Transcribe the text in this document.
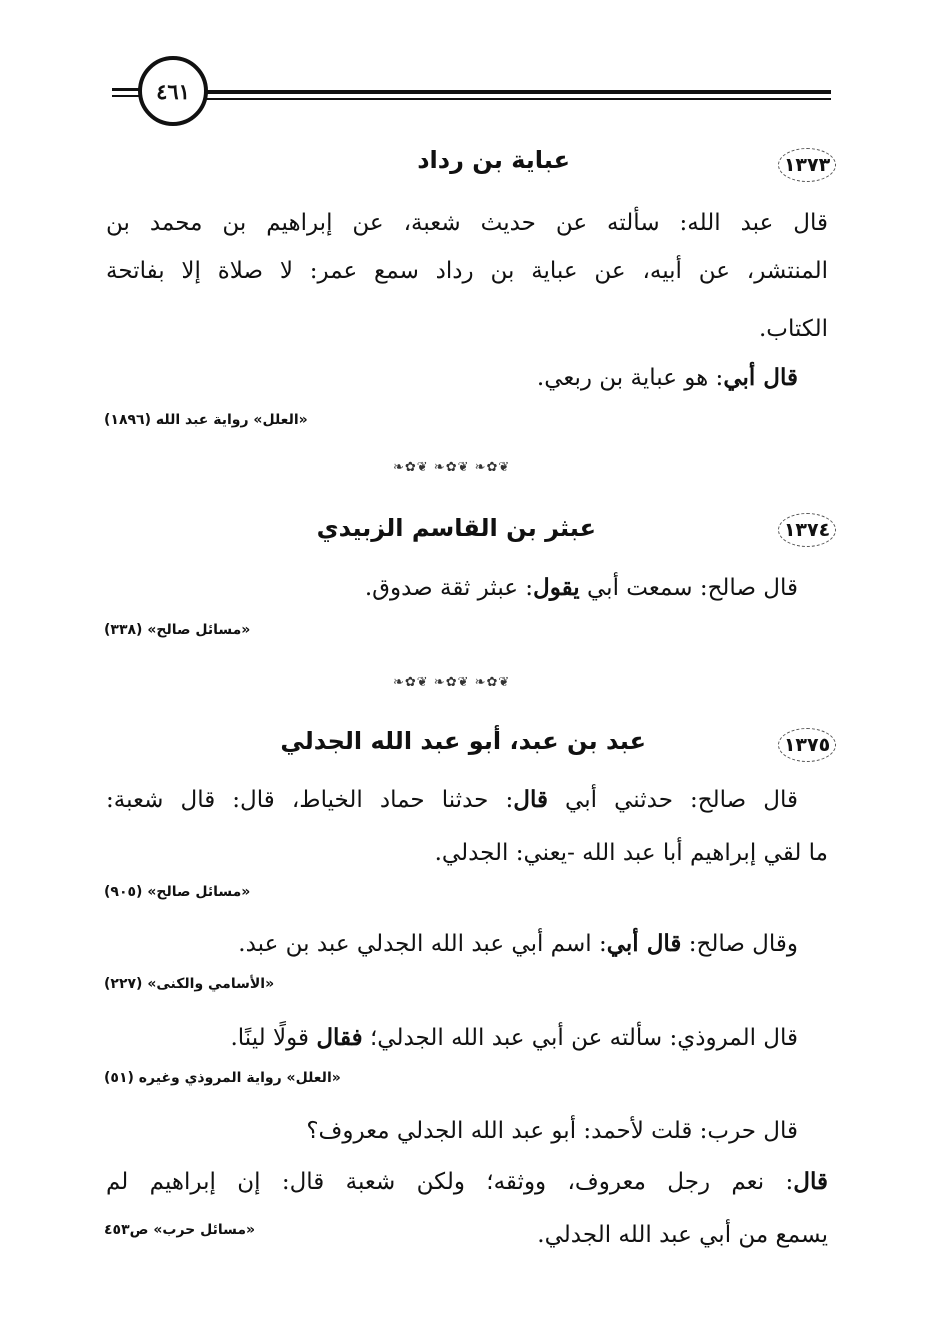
٤٦١
١٣٧٣
عباية بن رداد
قال عبد الله: سألته عن حديث شعبة، عن إبراهيم بن محمد بن
المنتشر، عن أبيه، عن عباية بن رداد سمع عمر: لا صلاة إلا بفاتحة
الكتاب.
قال أبي: هو عباية بن ربعي.
«العلل» رواية عبد الله (١٨٩٦)
❧✿❦ ❧✿❦ ❧✿❦
١٣٧٤
عبثر بن القاسم الزبيدي
قال صالح: سمعت أبي يقول: عبثر ثقة صدوق.
«مسائل صالح» (٣٣٨)
❧✿❦ ❧✿❦ ❧✿❦
١٣٧٥
عبد بن عبد، أبو عبد الله الجدلي
قال صالح: حدثني أبي قال: حدثنا حماد الخياط، قال: قال شعبة:
ما لقي إبراهيم أبا عبد الله -يعني: الجدلي.
«مسائل صالح» (٩٠٥)
وقال صالح: قال أبي: اسم أبي عبد الله الجدلي عبد بن عبد.
«الأسامي والكنى» (٢٢٧)
قال المروذي: سألته عن أبي عبد الله الجدلي؛ فقال قولًا لينًا.
«العلل» رواية المروذي وغيره (٥١)
قال حرب: قلت لأحمد: أبو عبد الله الجدلي معروف؟
قال: نعم رجل معروف، ووثقه؛ ولكن شعبة قال: إن إبراهيم لم
يسمع من أبي عبد الله الجدلي.
«مسائل حرب» ص٤٥٣
